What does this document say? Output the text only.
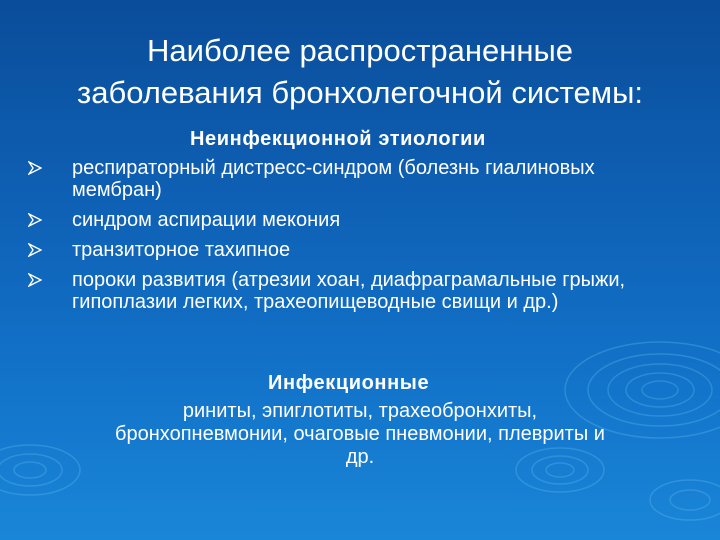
Наиболее распространенные
заболевания бронхолегочной системы:
Неинфекционной этиологии
респираторный дистресс-синдром (болезнь гиалиновых мембран)
синдром аспирации мекония
транзиторное тахипное
пороки развития (атрезии хоан, диафраграмальные грыжи, гипоплазии легких, трахеопищеводные свищи и др.)
Инфекционные
риниты, эпиглотиты, трахеобронхиты,
бронхопневмонии, очаговые пневмонии, плевриты и
др.
